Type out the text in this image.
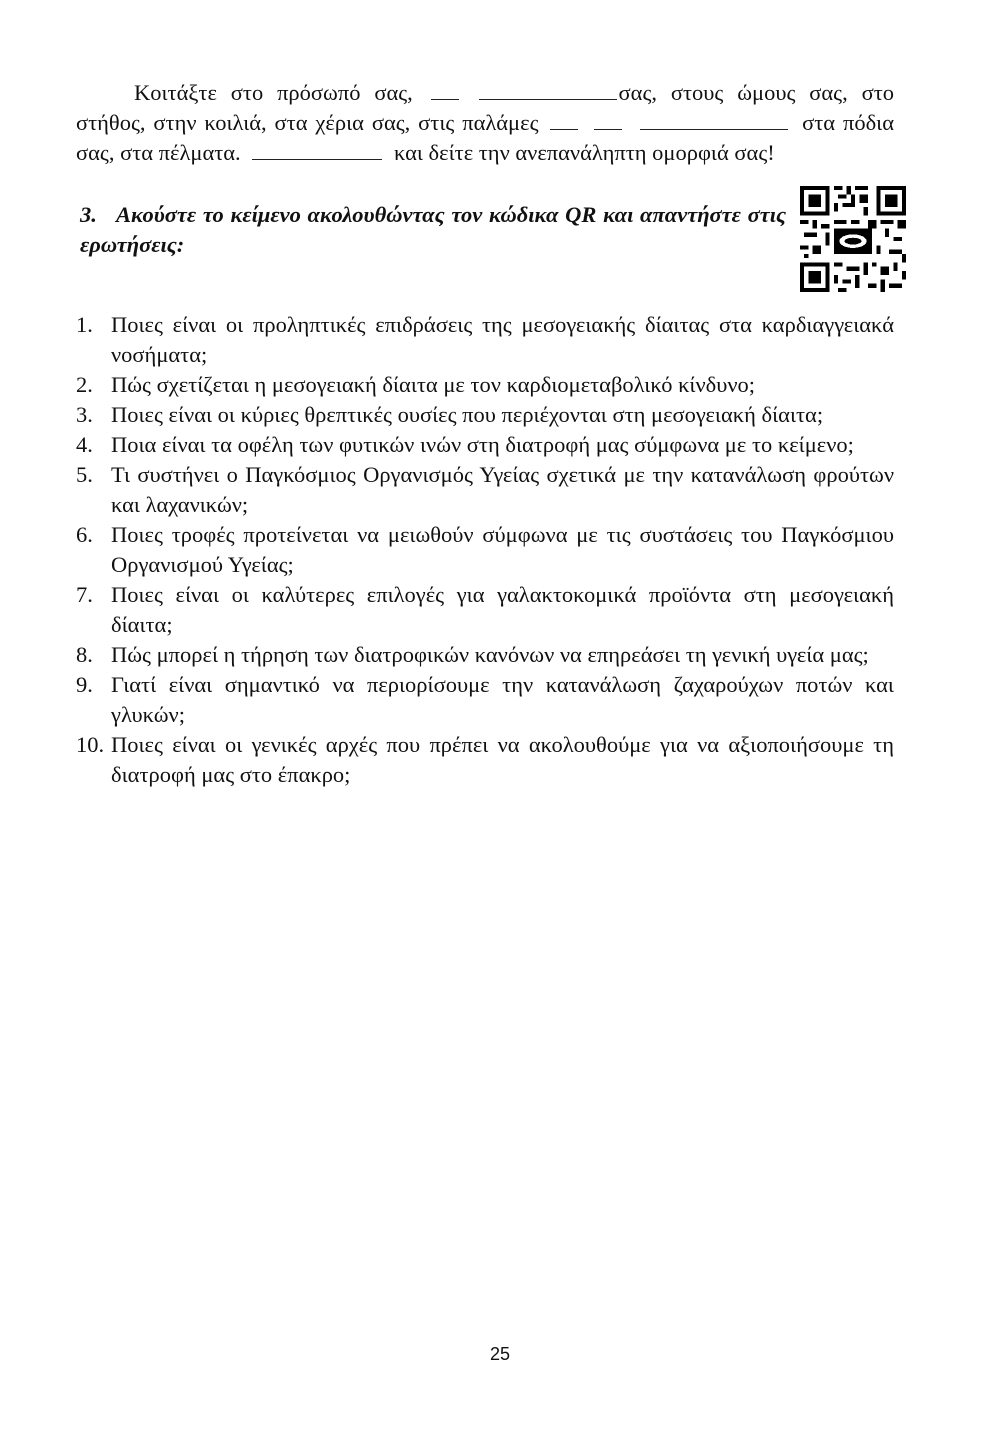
Κοιτάξτε στο πρόσωπό σας,	σας, στους ώμους σας, στο στήθος, στην κοιλιά, στα χέρια σας, στις παλάμες	στα πόδια σας, στα πέλματα.	και δείτε την ανεπανάληπτη ομορφιά σας!

3. Ακούστε το κείμενο ακολουθώντας τον κώδικα QR και απαντήστε στις ερωτήσεις:
1. Ποιες είναι οι προληπτικές επιδράσεις της μεσογειακής δίαιτας στα καρδιαγγειακά νοσήματα;
2. Πώς σχετίζεται η μεσογειακή δίαιτα με τον καρδιομεταβολικό κίνδυνο;
3. Ποιες είναι οι κύριες θρεπτικές ουσίες που περιέχονται στη μεσογειακή δίαιτα;
4. Ποια είναι τα οφέλη των φυτικών ινών στη διατροφή μας σύμφωνα με το κείμενο;
5. Τι συστήνει ο Παγκόσμιος Οργανισμός Υγείας σχετικά με την κατανάλωση φρούτων και λαχανικών;
6. Ποιες τροφές προτείνεται να μειωθούν σύμφωνα με τις συστάσεις του Παγκόσμιου Οργανισμού Υγείας;
7. Ποιες είναι οι καλύτερες επιλογές για γαλακτοκομικά προϊόντα στη μεσογειακή δίαιτα;
8. Πώς μπορεί η τήρηση των διατροφικών κανόνων να επηρεάσει τη γενική υγεία μας;
9. Γιατί είναι σημαντικό να περιορίσουμε την κατανάλωση ζαχαρούχων ποτών και γλυκών;
10. Ποιες είναι οι γενικές αρχές που πρέπει να ακολουθούμε για να αξιοποιήσουμε τη διατροφή μας στο έπακρο;
25
